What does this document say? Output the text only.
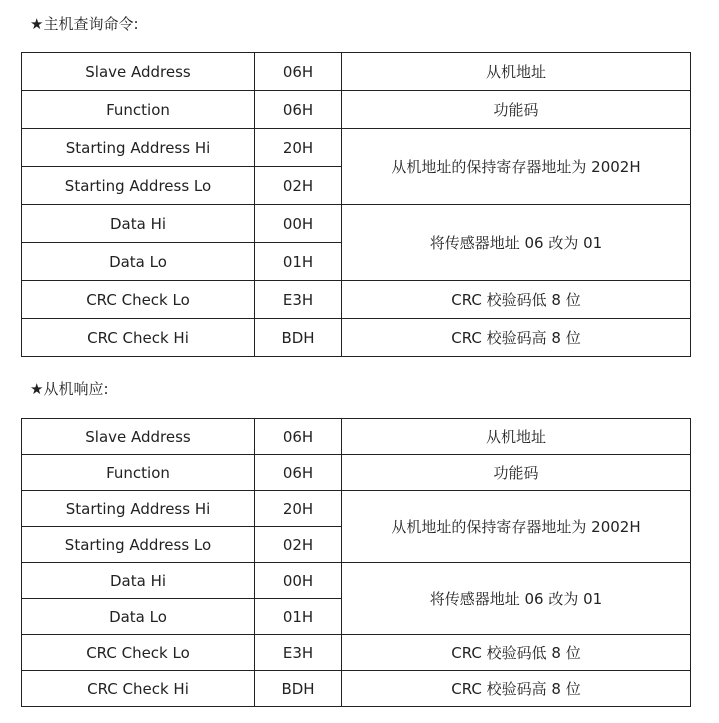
★主机查询命令:
Slave Address	06H	从机地址
Function	06H	功能码
Starting Address Hi	20H	从机地址的保持寄存器地址为 2002H
Starting Address Lo	02H	
Data Hi	00H	将传感器地址 06 改为 01
Data Lo	01H	
CRC Check Lo	E3H	CRC 校验码低 8 位
CRC Check Hi	BDH	CRC 校验码高 8 位
★从机响应:
Slave Address	06H	从机地址
Function	06H	功能码
Starting Address Hi	20H	从机地址的保持寄存器地址为 2002H
Starting Address Lo	02H	
Data Hi	00H	将传感器地址 06 改为 01
Data Lo	01H	
CRC Check Lo	E3H	CRC 校验码低 8 位
CRC Check Hi	BDH	CRC 校验码高 8 位
